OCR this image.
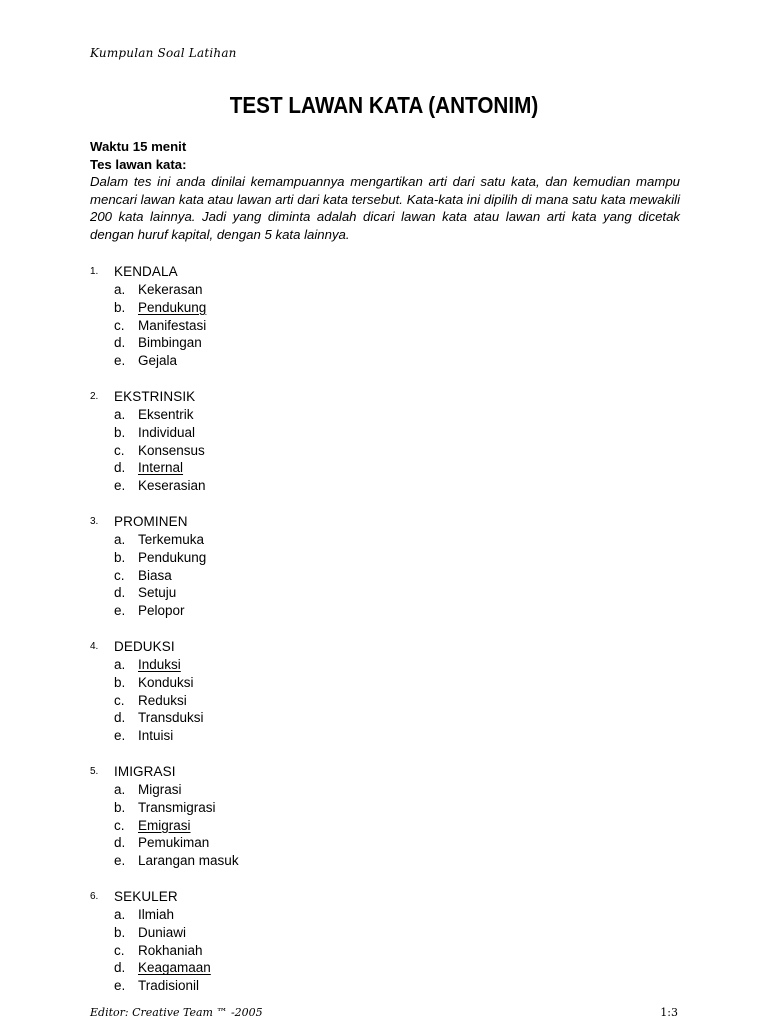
Kumpulan Soal Latihan
TEST LAWAN KATA (ANTONIM)
Waktu 15 menit
Tes lawan kata:
Dalam tes ini anda dinilai kemampuannya mengartikan arti dari satu kata, dan kemudian mampu mencari lawan kata atau lawan arti dari kata tersebut. Kata-kata ini dipilih di mana satu kata mewakili 200 kata lainnya. Jadi yang diminta adalah dicari lawan kata atau lawan arti kata yang dicetak dengan huruf kapital, dengan 5 kata lainnya.
1.	KENDALA
a. Kekerasan
b. Pendukung
c. Manifestasi
d. Bimbingan
e. Gejala
2.	EKSTRINSIK
a. Eksentrik
b. Individual
c. Konsensus
d. Internal
e. Keserasian
3.	PROMINEN
a. Terkemuka
b. Pendukung
c. Biasa
d. Setuju
e. Pelopor
4.	DEDUKSI
a. Induksi
b. Konduksi
c. Reduksi
d. Transduksi
e. Intuisi
5.	IMIGRASI
a. Migrasi
b. Transmigrasi
c. Emigrasi
d. Pemukiman
e. Larangan masuk
6.	SEKULER
a. Ilmiah
b. Duniawi
c. Rokhaniah
d. Keagamaan
e. Tradisionil
Editor: Creative Team ™ -2005	1:3
